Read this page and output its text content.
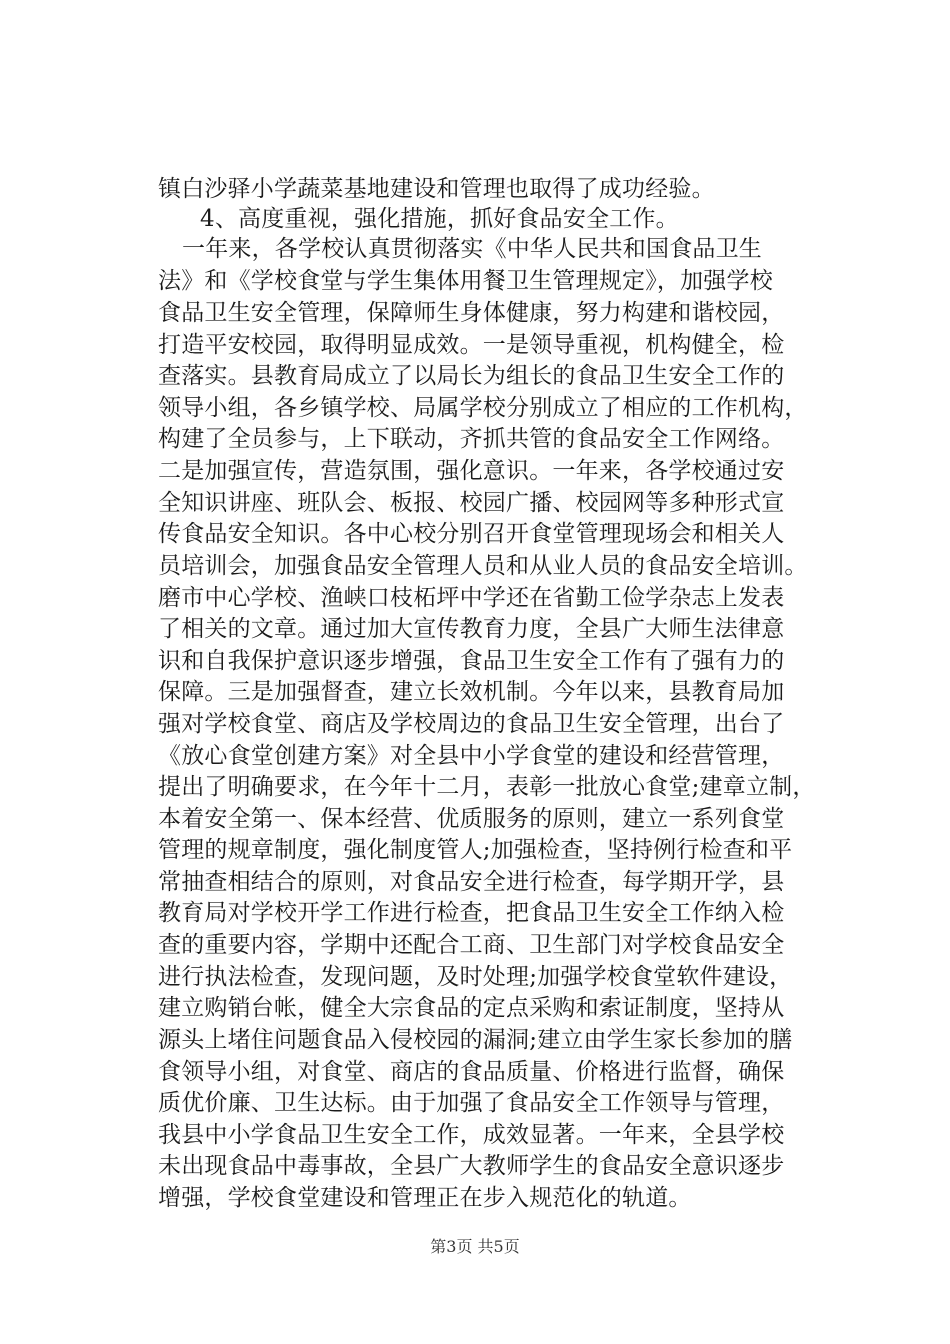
镇白沙驿小学蔬菜基地建设和管理也取得了成功经验。
4、高度重视，强化措施，抓好食品安全工作。
一年来，各学校认真贯彻落实《中华人民共和国食品卫生
法》和《学校食堂与学生集体用餐卫生管理规定》，加强学校
食品卫生安全管理，保障师生身体健康，努力构建和谐校园，
打造平安校园，取得明显成效。一是领导重视，机构健全，检
查落实。县教育局成立了以局长为组长的食品卫生安全工作的
领导小组，各乡镇学校、局属学校分别成立了相应的工作机构，
构建了全员参与，上下联动，齐抓共管的食品安全工作网络。
二是加强宣传，营造氛围，强化意识。一年来，各学校通过安
全知识讲座、班队会、板报、校园广播、校园网等多种形式宣
传食品安全知识。各中心校分别召开食堂管理现场会和相关人
员培训会，加强食品安全管理人员和从业人员的食品安全培训。
磨市中心学校、渔峡口枝柘坪中学还在省勤工俭学杂志上发表
了相关的文章。通过加大宣传教育力度，全县广大师生法律意
识和自我保护意识逐步增强，食品卫生安全工作有了强有力的
保障。三是加强督查，建立长效机制。今年以来，县教育局加
强对学校食堂、商店及学校周边的食品卫生安全管理，出台了
《放心食堂创建方案》对全县中小学食堂的建设和经营管理，
提出了明确要求，在今年十二月，表彰一批放心食堂;建章立制，
本着安全第一、保本经营、优质服务的原则，建立一系列食堂
管理的规章制度，强化制度管人;加强检查，坚持例行检查和平
常抽查相结合的原则，对食品安全进行检查，每学期开学，县
教育局对学校开学工作进行检查，把食品卫生安全工作纳入检
查的重要内容，学期中还配合工商、卫生部门对学校食品安全
进行执法检查，发现问题，及时处理;加强学校食堂软件建设，
建立购销台帐，健全大宗食品的定点采购和索证制度，坚持从
源头上堵住问题食品入侵校园的漏洞;建立由学生家长参加的膳
食领导小组，对食堂、商店的食品质量、价格进行监督，确保
质优价廉、卫生达标。由于加强了食品安全工作领导与管理，
我县中小学食品卫生安全工作，成效显著。一年来，全县学校
未出现食品中毒事故，全县广大教师学生的食品安全意识逐步
增强，学校食堂建设和管理正在步入规范化的轨道。
第3页 共5页
